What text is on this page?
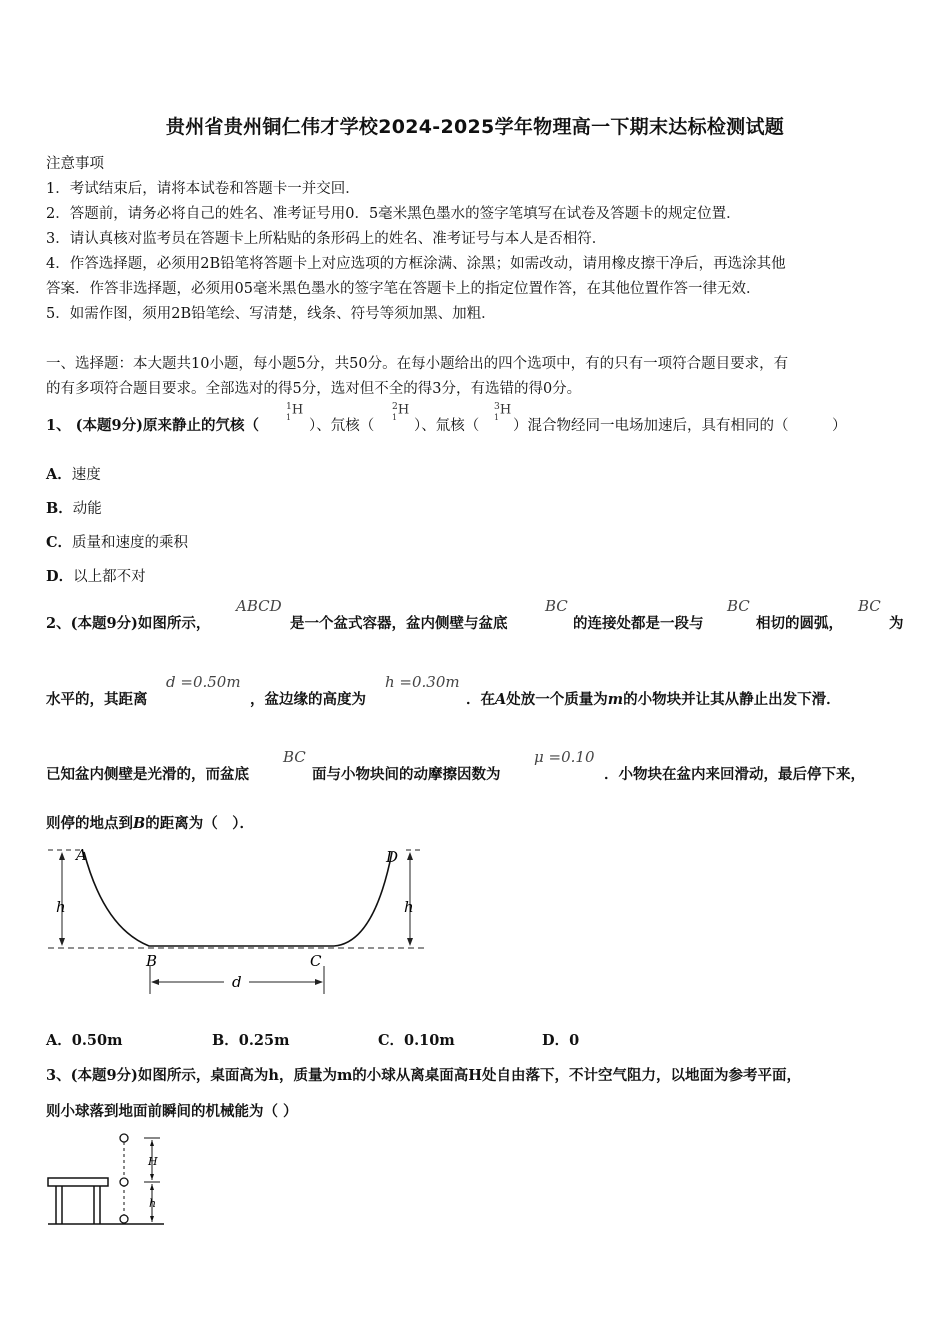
贵州省贵州铜仁伟才学校2024-2025学年物理高一下期末达标检测试题
注意事项
1．考试结束后，请将本试卷和答题卡一并交回．
2．答题前，请务必将自己的姓名、准考证号用0．5毫米黑色墨水的签字笔填写在试卷及答题卡的规定位置．
3．请认真核对监考员在答题卡上所粘贴的条形码上的姓名、准考证号与本人是否相符．
4．作答选择题，必须用2B铅笔将答题卡上对应选项的方框涂满、涂黑；如需改动，请用橡皮擦干净后，再选涂其他
答案．作答非选择题，必须用05毫米黑色墨水的签字笔在答题卡上的指定位置作答，在其他位置作答一律无效．
5．如需作图，须用2B铅笔绘、写清楚，线条、符号等须加黑、加粗．
一、选择题：本大题共10小题，每小题5分，共50分。在每小题给出的四个选项中，有的只有一项符合题目要求，有
的有多项符合题目要求。全部选对的得5分，选对但不全的得3分，有选错的得0分。
1、 (本题9分)原来静止的氕核（
$^1$H
1
）、氘核（
$^2$H
1
）、氚核（
$^3$H
1
）混合物经同一电场加速后，具有相同的（　　　）
A．速度
B．动能
C．质量和速度的乘积
D．以上都不对
2、(本题9分)如图所示，
ABCD
是一个盆式容器，盆内侧壁与盆底
BC
的连接处都是一段与
BC
相切的圆弧，
BC
为
水平的，其距离
d =0.50m
，盆边缘的高度为
h =0.30m
．在A处放一个质量为m的小物块并让其从静止出发下滑．
已知盆内侧壁是光滑的，而盆底
BC
面与小物块间的动摩擦因数为
μ =0.10
．小物块在盆内来回滑动，最后停下来，
则停的地点到B的距离为（　）．
A	D
B	C
h	h
d
A．0.50m	B．0.25m	C．0.10m	D．0
3、(本题9分)如图所示，桌面高为h，质量为m的小球从离桌面高H处自由落下，不计空气阻力，以地面为参考平面，
则小球落到地面前瞬间的机械能为（ ）
H
h
